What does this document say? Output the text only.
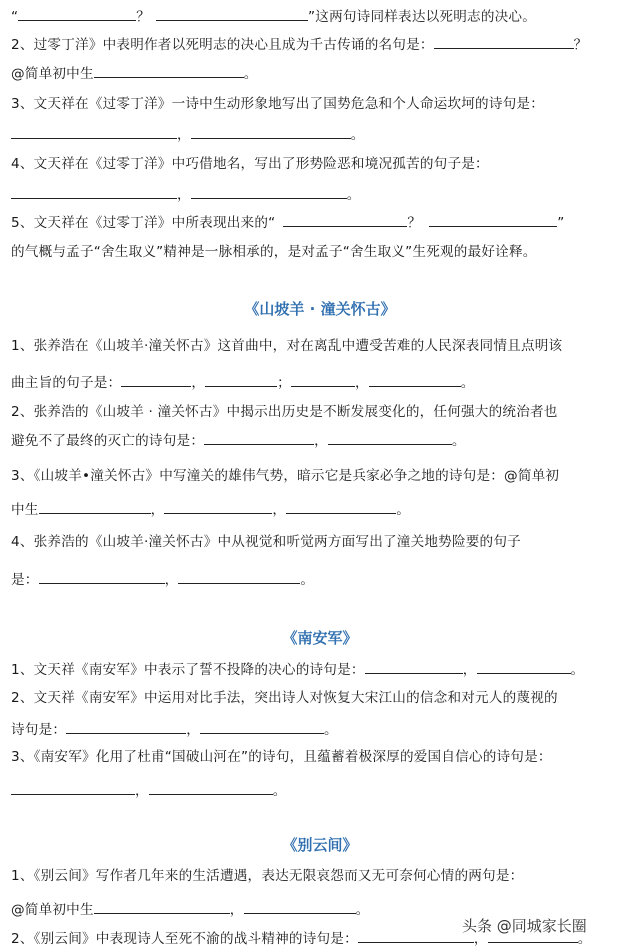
“	？	”这两句诗同样表达以死明志的决心。
2、过零丁洋》中表明作者以死明志的决心且成为千古传诵的名句是：	？
@简单初中生	。
3、文天祥在《过零丁洋》一诗中生动形象地写出了国势危急和个人命运坎坷的诗句是：
，	。
4、文天祥在《过零丁洋》中巧借地名，写出了形势险恶和境况孤苦的句子是：
，	。
5、文天祥在《过零丁洋》中所表现出来的“	？	”
的气概与孟子“舍生取义”精神是一脉相承的，是对孟子“舍生取义”生死观的最好诠释。
《山坡羊 · 潼关怀古》
1、张养浩在《山坡羊·潼关怀古》这首曲中，对在离乱中遭受苦难的人民深表同情且点明该
曲主旨的句子是：	，	；	，	。
2、张养浩的《山坡羊 · 潼关怀古》中揭示出历史是不断发展变化的，任何强大的统治者也
避免不了最终的灭亡的诗句是：	，	。
3、《山坡羊•潼关怀古》中写潼关的雄伟气势，暗示它是兵家必争之地的诗句是：@简单初
中生	，	，	。
4、张养浩的《山坡羊·潼关怀古》中从视觉和听觉两方面写出了潼关地势险要的句子
是：	，	。
《南安军》
1、文天祥《南安军》中表示了誓不投降的决心的诗句是：	，	。
2、文天祥《南安军》中运用对比手法，突出诗人对恢复大宋江山的信念和对元人的蔑视的
诗句是：	，	。
3、《南安军》化用了杜甫“国破山河在”的诗句，且蕴蓄着极深厚的爱国自信心的诗句是：
，	。
《别云间》
1、《别云间》写作者几年来的生活遭遇，表达无限哀怨而又无可奈何心情的两句是：
@简单初中生	，	。
2、《别云间》中表现诗人至死不渝的战斗精神的诗句是：	，	。
头条 @同城家长圈
